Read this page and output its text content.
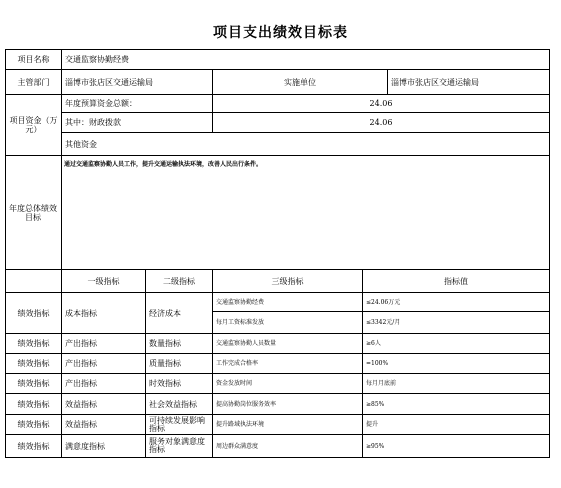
项目支出绩效目标表
项目名称	交通监察协勤经费
主管部门	淄博市张店区交通运输局	实施单位	淄博市张店区交通运输局
项目资金（万元）
年度预算资金总额：	24.06
其中：财政拨款	24.06
其他资金
年度总体绩效目标
通过交通监察协勤人员工作，提升交通运输执法环境，改善人民出行条件。
一级指标	二级指标	三级指标	指标值
绩效指标	成本指标	经济成本
交通监察协勤经费	≤24.06万元
每月工资标准发放	≤3342元/月
绩效指标	产出指标	数量指标	交通监察协勤人员数量	≥6人
绩效指标	产出指标	质量指标	工作完成合格率	=100%
绩效指标	产出指标	时效指标	资金发放时间	每月月底前
绩效指标	效益指标	社会效益指标	提高协勤岗位服务效率	≥85%
绩效指标	效益指标	可持续发展影响指标	提升路域执法环境	提升
绩效指标	满意度指标	服务对象满意度指标	周边群众满意度	≥95%
